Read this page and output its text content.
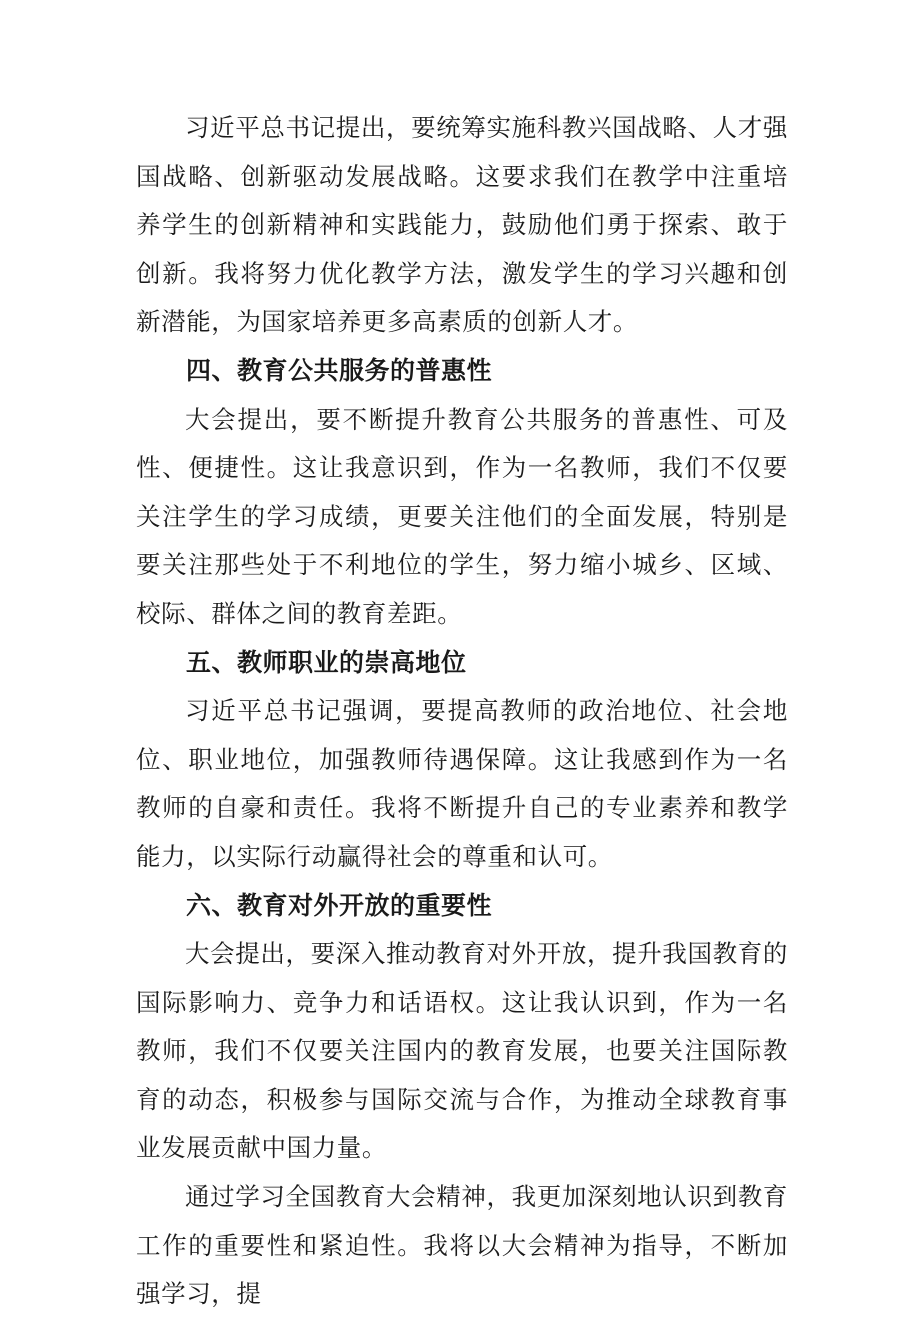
习近平总书记提出，要统筹实施科教兴国战略、人才强国战略、创新驱动发展战略。这要求我们在教学中注重培养学生的创新精神和实践能力，鼓励他们勇于探索、敢于创新。我将努力优化教学方法，激发学生的学习兴趣和创新潜能，为国家培养更多高素质的创新人才。

四、教育公共服务的普惠性

大会提出，要不断提升教育公共服务的普惠性、可及性、便捷性。这让我意识到，作为一名教师，我们不仅要关注学生的学习成绩，更要关注他们的全面发展，特别是要关注那些处于不利地位的学生，努力缩小城乡、区域、校际、群体之间的教育差距。

五、教师职业的崇高地位

习近平总书记强调，要提高教师的政治地位、社会地位、职业地位，加强教师待遇保障。这让我感到作为一名教师的自豪和责任。我将不断提升自己的专业素养和教学能力，以实际行动赢得社会的尊重和认可。

六、教育对外开放的重要性

大会提出，要深入推动教育对外开放，提升我国教育的国际影响力、竞争力和话语权。这让我认识到，作为一名教师，我们不仅要关注国内的教育发展，也要关注国际教育的动态，积极参与国际交流与合作，为推动全球教育事业发展贡献中国力量。

通过学习全国教育大会精神，我更加深刻地认识到教育工作的重要性和紧迫性。我将以大会精神为指导，不断加强学习，提
